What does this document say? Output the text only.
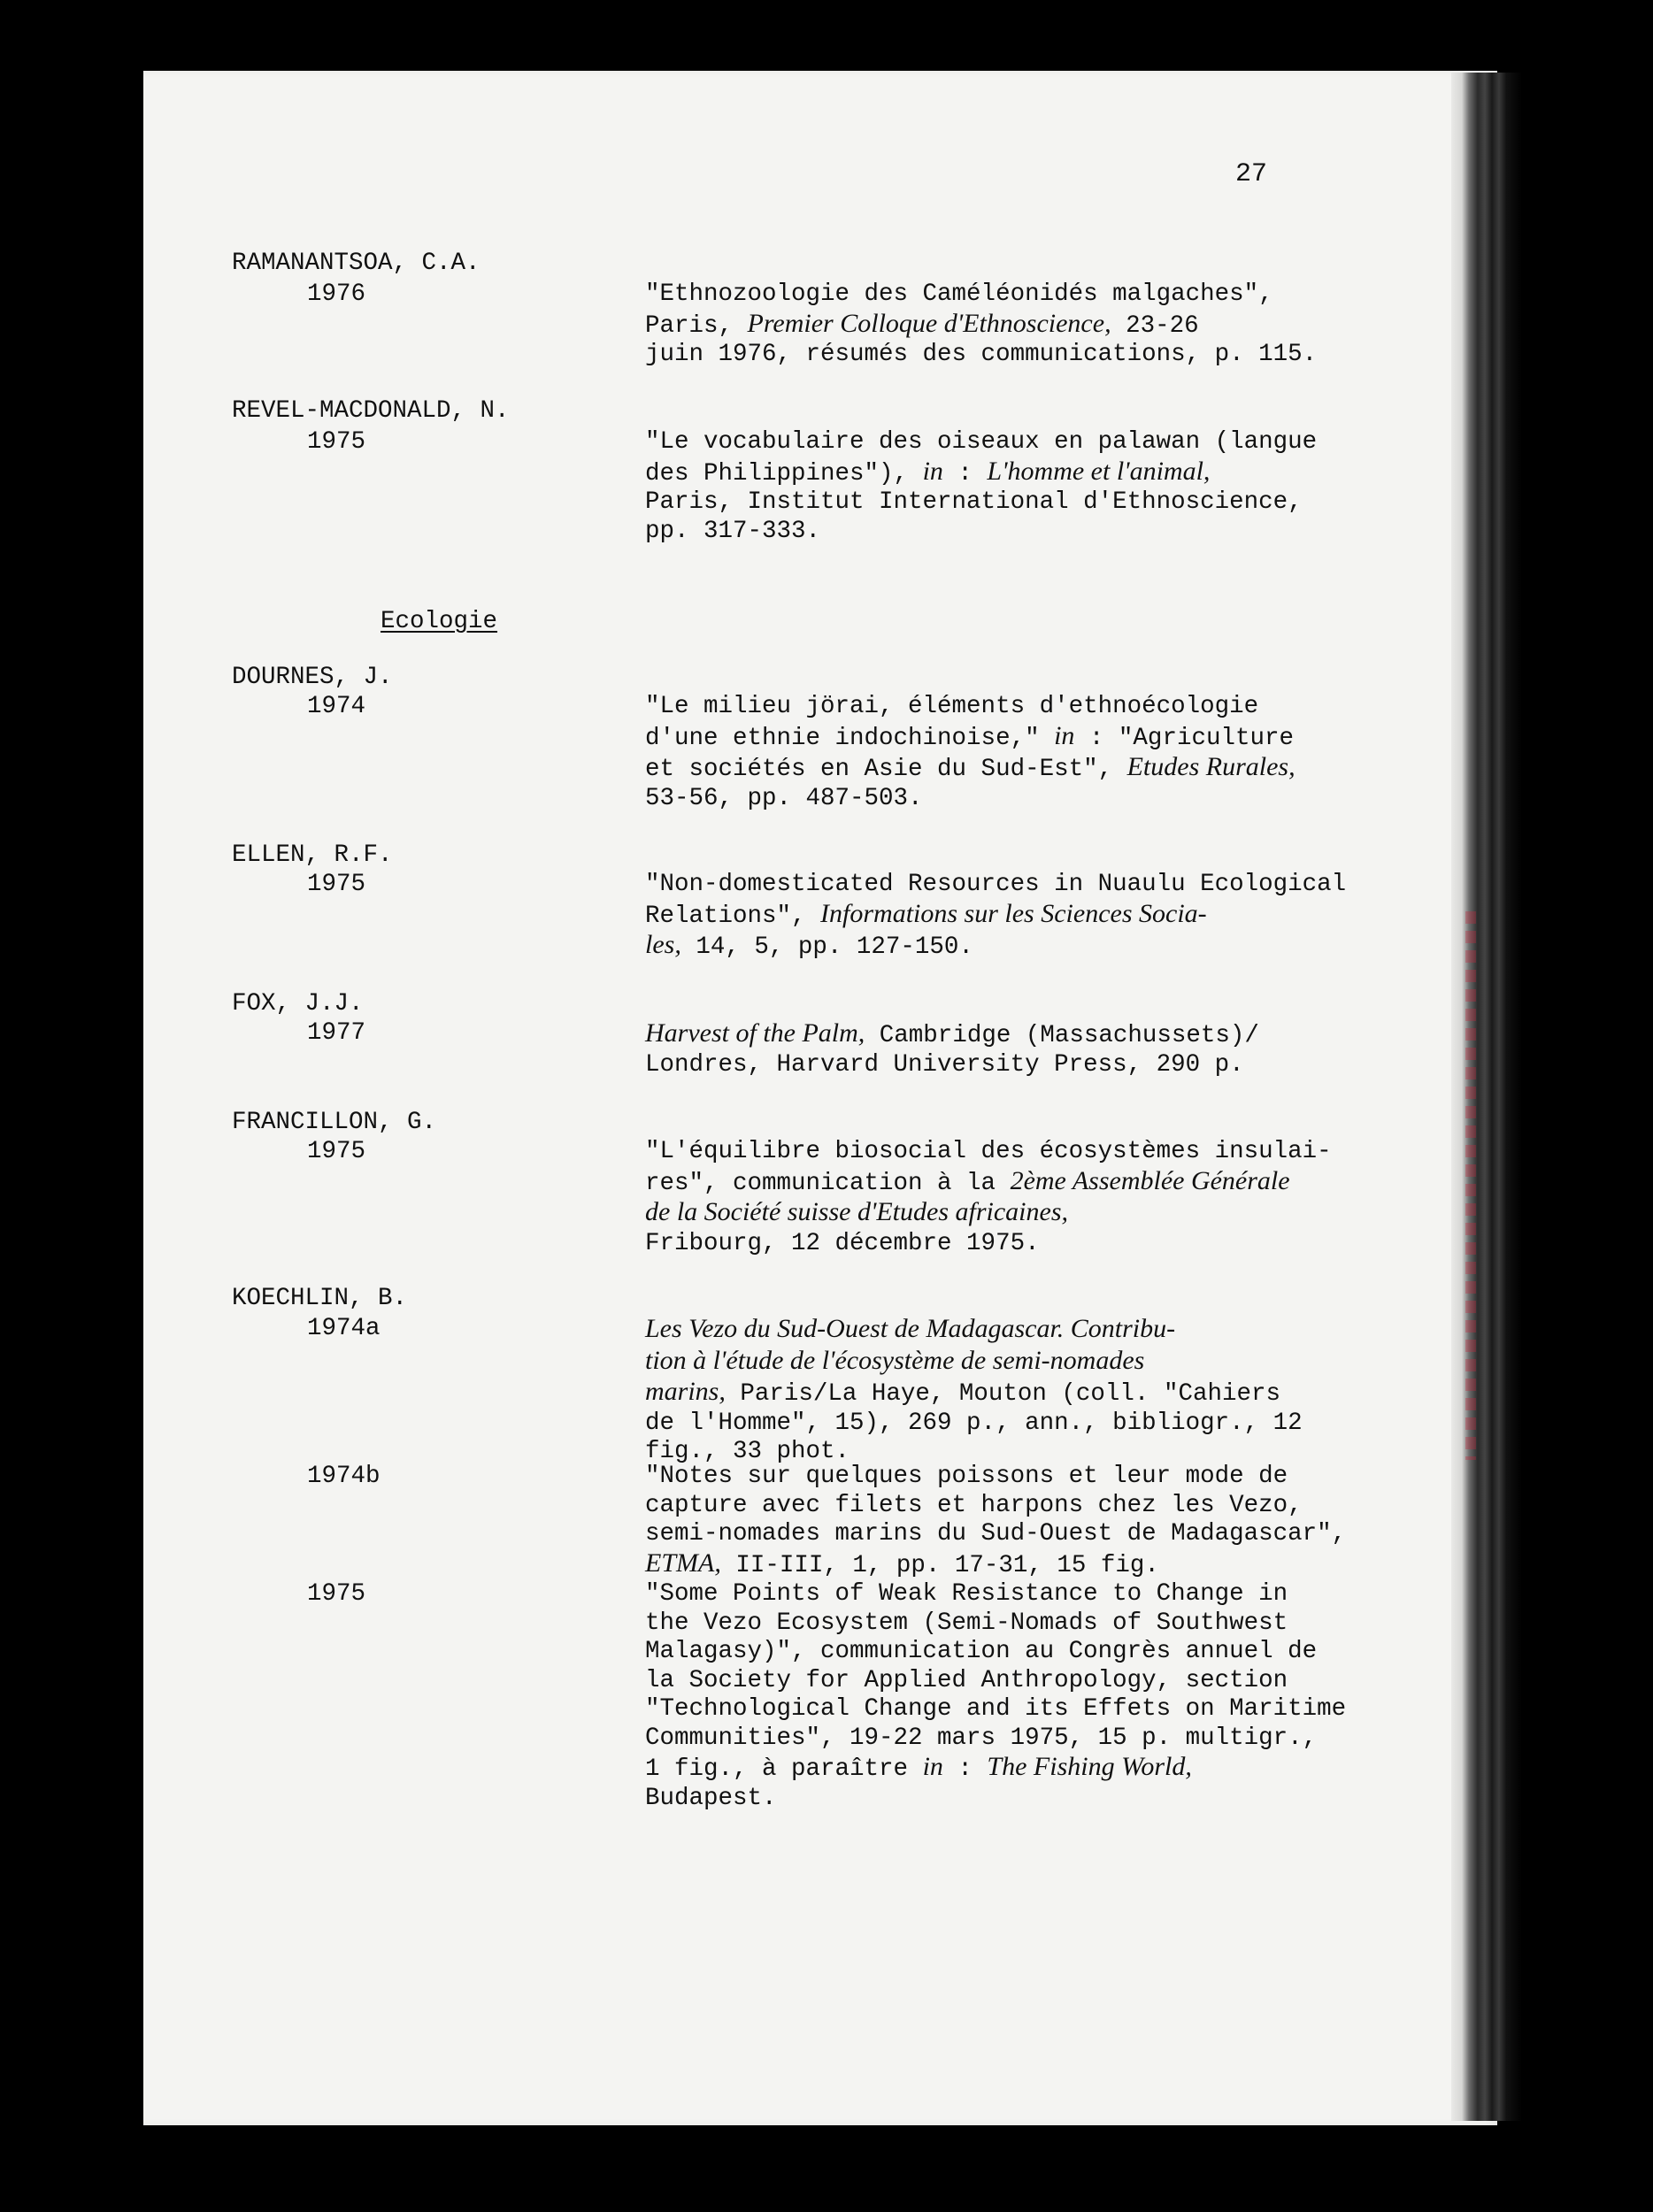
27
RAMANANTSOA, C.A.
1976	"Ethnozoologie des Caméléonidés malgaches",
Paris, Premier Colloque d'Ethnoscience, 23-26
juin 1976, résumés des communications, p. 115.
REVEL-MACDONALD, N.
1975	"Le vocabulaire des oiseaux en palawan (langue
des Philippines"), in : L'homme et l'animal,
Paris, Institut International d'Ethnoscience,
pp. 317-333.
Ecologie
DOURNES, J.
1974	"Le milieu jörai, éléments d'ethnoécologie
d'une ethnie indochinoise," in : "Agriculture
et sociétés en Asie du Sud-Est", Etudes Rurales,
53-56, pp. 487-503.
ELLEN, R.F.
1975	"Non-domesticated Resources in Nuaulu Ecological
Relations", Informations sur les Sciences Socia-
les, 14, 5, pp. 127-150.
FOX, J.J.
1977	Harvest of the Palm, Cambridge (Massachussets)/
Londres, Harvard University Press, 290 p.
FRANCILLON, G.
1975	"L'équilibre biosocial des écosystèmes insulai-
res", communication à la 2ème Assemblée Générale
de la Société suisse d'Etudes africaines,
Fribourg, 12 décembre 1975.
KOECHLIN, B.
1974a	Les Vezo du Sud-Ouest de Madagascar. Contribu-
tion à l'étude de l'écosystème de semi-nomades
marins, Paris/La Haye, Mouton (coll. "Cahiers
de l'Homme", 15), 269 p., ann., bibliogr., 12
fig., 33 phot.
1974b	"Notes sur quelques poissons et leur mode de
capture avec filets et harpons chez les Vezo,
semi-nomades marins du Sud-Ouest de Madagascar",
ETMA, II-III, 1, pp. 17-31, 15 fig.
1975	"Some Points of Weak Resistance to Change in
the Vezo Ecosystem (Semi-Nomads of Southwest
Malagasy)", communication au Congrès annuel de
la Society for Applied Anthropology, section
"Technological Change and its Effets on Maritime
Communities", 19-22 mars 1975, 15 p. multigr.,
1 fig., à paraître in : The Fishing World,
Budapest.
